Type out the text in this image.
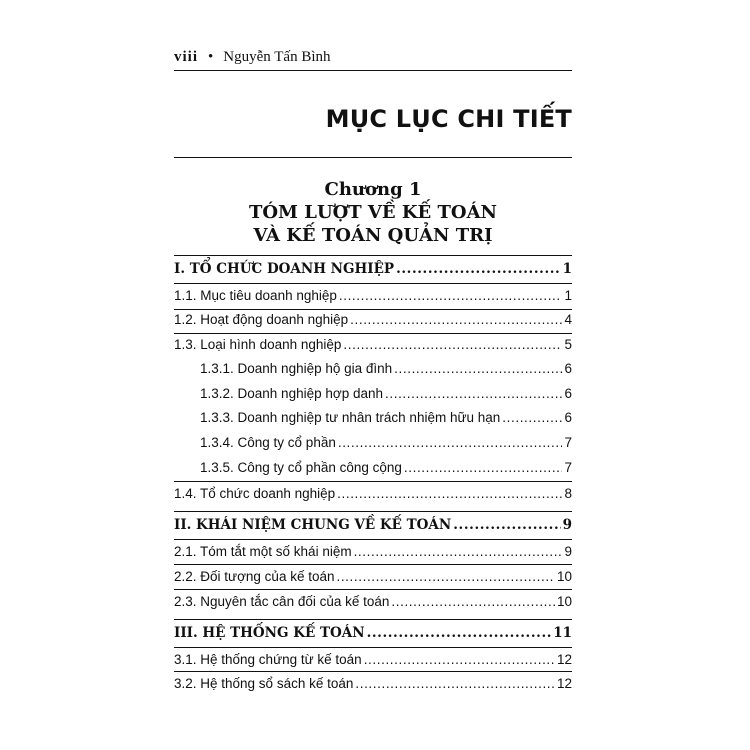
viii • Nguyễn Tấn Bình
MỤC LỤC CHI TIẾT
Chương 1
TÓM LƯỢT VỀ KẾ TOÁN
VÀ KẾ TOÁN QUẢN TRỊ
I. TỔ CHỨC DOANH NGHIỆP .....	1
1.1. Mục tiêu doanh nghiệp .....	1
1.2. Hoạt động doanh nghiệp .....	4
1.3. Loại hình doanh nghiệp .....	5
1.3.1. Doanh nghiệp hộ gia đình .....	6
1.3.2. Doanh nghiệp hợp danh .....	6
1.3.3. Doanh nghiệp tư nhân trách nhiệm hữu hạn .....	6
1.3.4. Công ty cổ phần .....	7
1.3.5. Công ty cổ phần công cộng .....	7
1.4. Tổ chức doanh nghiệp .....	8
II. KHÁI NIỆM CHUNG VỀ KẾ TOÁN .....	9
2.1. Tóm tắt một số khái niệm .....	9
2.2. Đối tượng của kế toán .....	10
2.3. Nguyên tắc cân đối của kế toán .....	10
III. HỆ THỐNG KẾ TOÁN .....	11
3.1. Hệ thống chứng từ kế toán .....	12
3.2. Hệ thống sổ sách kế toán .....	12
